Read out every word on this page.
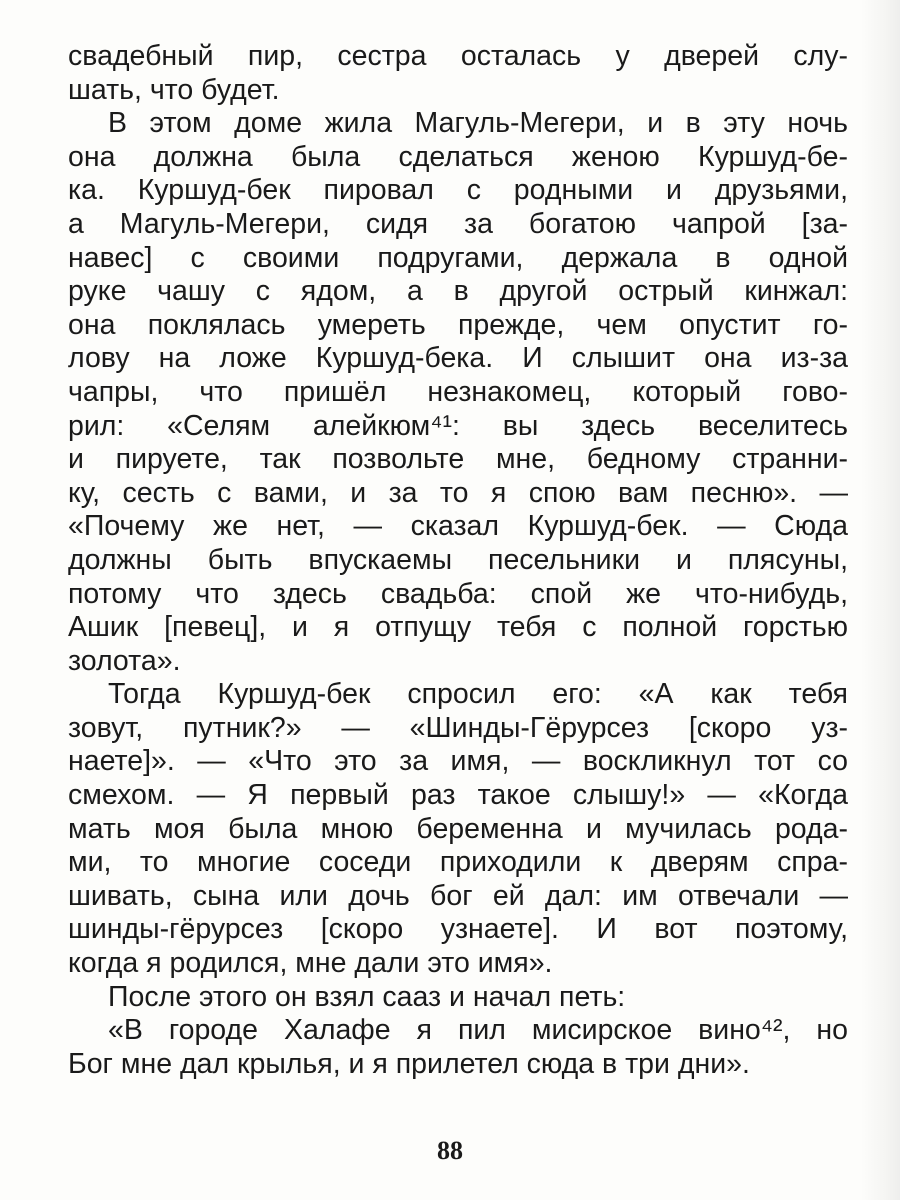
свадебный пир, сестра осталась у дверей слу-
шать, что будет.
В этом доме жила Магуль-Мегери, и в эту ночь
она должна была сделаться женою Куршуд-бе-
ка. Куршуд-бек пировал с родными и друзьями,
а Магуль-Мегери, сидя за богатою чапрой [за-
навес] с своими подругами, держала в одной
руке чашу с ядом, а в другой острый кинжал:
она поклялась умереть прежде, чем опустит го-
лову на ложе Куршуд-бека. И слышит она из-за
чапры, что пришёл незнакомец, который гово-
рил: «Селям алейкюм⁴¹: вы здесь веселитесь
и пируете, так позвольте мне, бедному странни-
ку, сесть с вами, и за то я спою вам песню». —
«Почему же нет, — сказал Куршуд-бек. — Сюда
должны быть впускаемы песельники и плясуны,
потому что здесь свадьба: спой же что-нибудь,
Ашик [певец], и я отпущу тебя с полной горстью
золота».
Тогда Куршуд-бек спросил его: «А как тебя
зовут, путник?» — «Шинды-Гёрурсез [скоро уз-
наете]». — «Что это за имя, — воскликнул тот со
смехом. — Я первый раз такое слышу!» — «Когда
мать моя была мною беременна и мучилась рода-
ми, то многие соседи приходили к дверям спра-
шивать, сына или дочь бог ей дал: им отвечали —
шинды-гёрурсез [скоро узнаете]. И вот поэтому,
когда я родился, мне дали это имя».
После этого он взял сааз и начал петь:
«В городе Халафе я пил мисирское вино⁴², но
Бог мне дал крылья, и я прилетел сюда в три дни».
88
